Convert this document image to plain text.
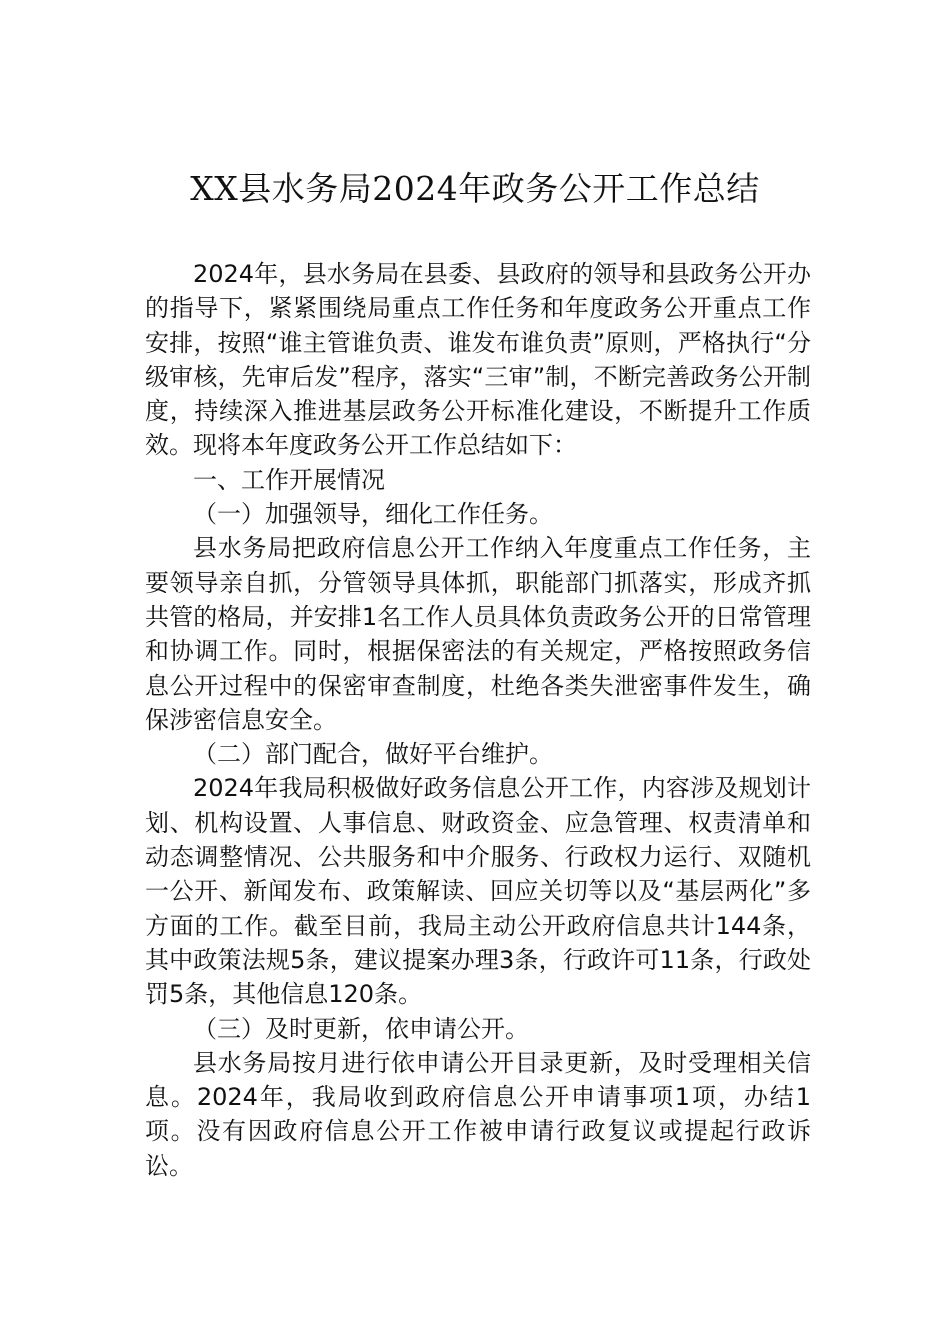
XX县水务局2024年政务公开工作总结

2024年，县水务局在县委、县政府的领导和县政务公开办的指导下，紧紧围绕局重点工作任务和年度政务公开重点工作安排，按照“谁主管谁负责、谁发布谁负责”原则，严格执行“分级审核，先审后发”程序，落实“三审”制，不断完善政务公开制度，持续深入推进基层政务公开标准化建设，不断提升工作质效。现将本年度政务公开工作总结如下：

一、工作开展情况

（一）加强领导，细化工作任务。

县水务局把政府信息公开工作纳入年度重点工作任务，主要领导亲自抓，分管领导具体抓，职能部门抓落实，形成齐抓共管的格局，并安排1名工作人员具体负责政务公开的日常管理和协调工作。同时，根据保密法的有关规定，严格按照政务信息公开过程中的保密审查制度，杜绝各类失泄密事件发生，确保涉密信息安全。

（二）部门配合，做好平台维护。

2024年我局积极做好政务信息公开工作，内容涉及规划计划、机构设置、人事信息、财政资金、应急管理、权责清单和动态调整情况、公共服务和中介服务、行政权力运行、双随机一公开、新闻发布、政策解读、回应关切等以及“基层两化”多方面的工作。截至目前，我局主动公开政府信息共计144条，其中政策法规5条，建议提案办理3条，行政许可11条，行政处罚5条，其他信息120条。

（三）及时更新，依申请公开。

县水务局按月进行依申请公开目录更新，及时受理相关信息。2024年，我局收到政府信息公开申请事项1项，办结1项。没有因政府信息公开工作被申请行政复议或提起行政诉讼。
